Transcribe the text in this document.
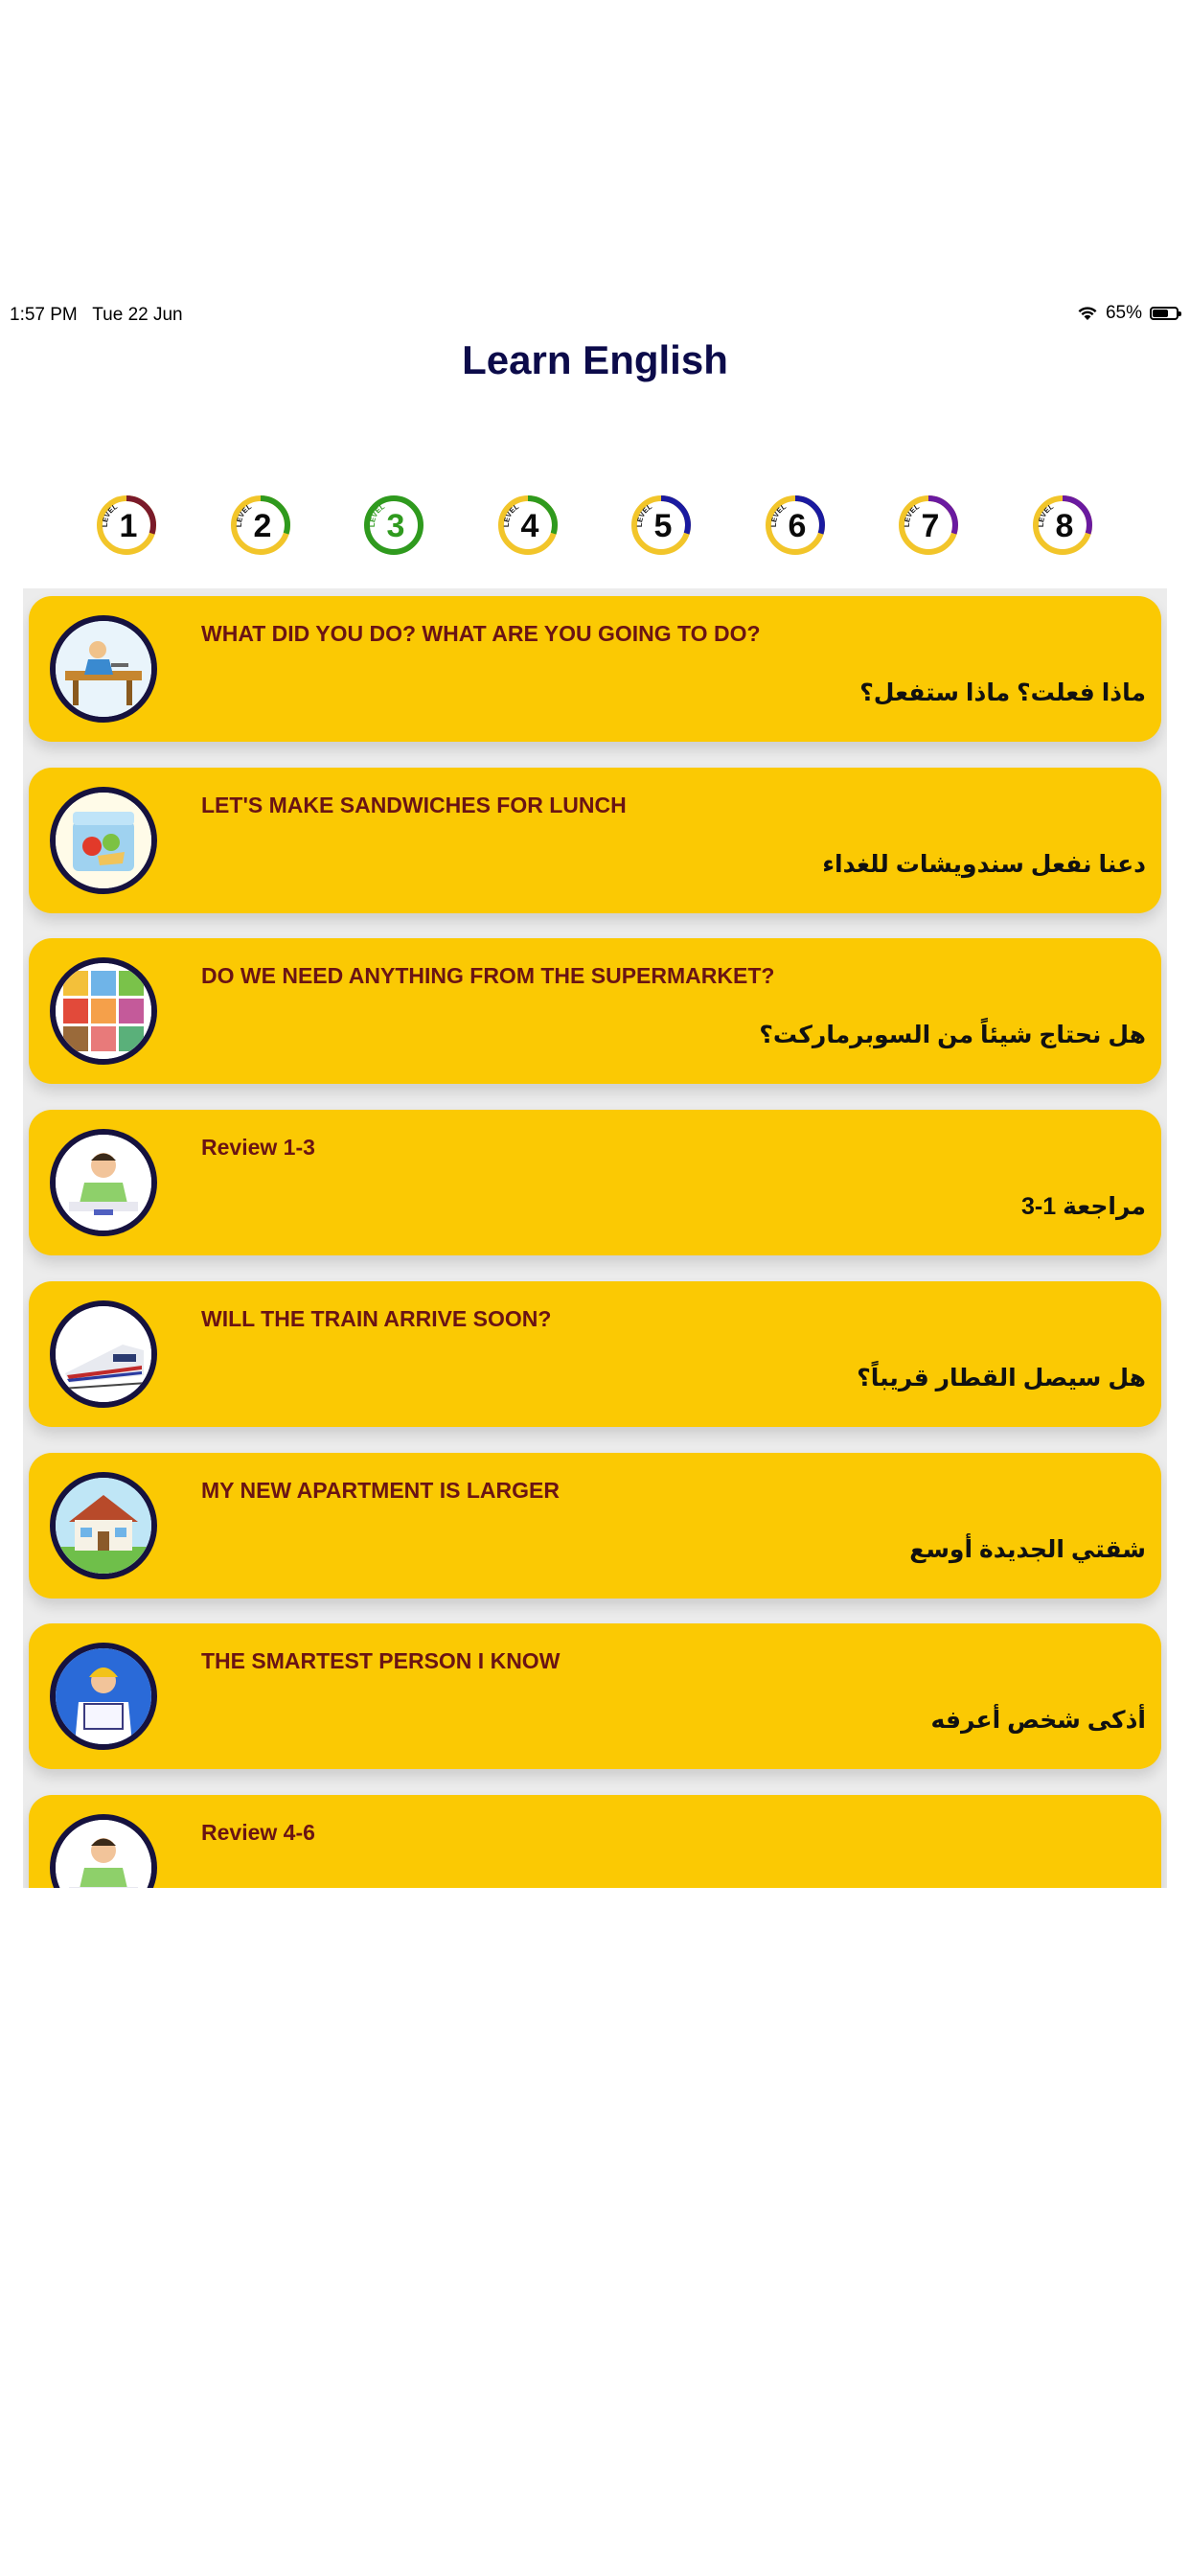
1:57 PM Tue 22 Jun	65%
Learn English
LEVEL
1	LEVEL
2	LEVEL
3	LEVEL
4	LEVEL
5	LEVEL
6	LEVEL
7	LEVEL
8
WHAT DID YOU DO? WHAT ARE YOU GOING TO DO?
ماذا فعلت؟ ماذا ستفعل؟
LET'S MAKE SANDWICHES FOR LUNCH
دعنا نفعل سندويشات للغداء
DO WE NEED ANYTHING FROM THE SUPERMARKET?
هل نحتاج شيئاً من السوبرماركت؟
Review 1-3
مراجعة 1-3
WILL THE TRAIN ARRIVE SOON?
هل سيصل القطار قريباً؟
MY NEW APARTMENT IS LARGER
شقتي الجديدة أوسع
THE SMARTEST PERSON I KNOW
أذكى شخص أعرفه
Review 4-6
